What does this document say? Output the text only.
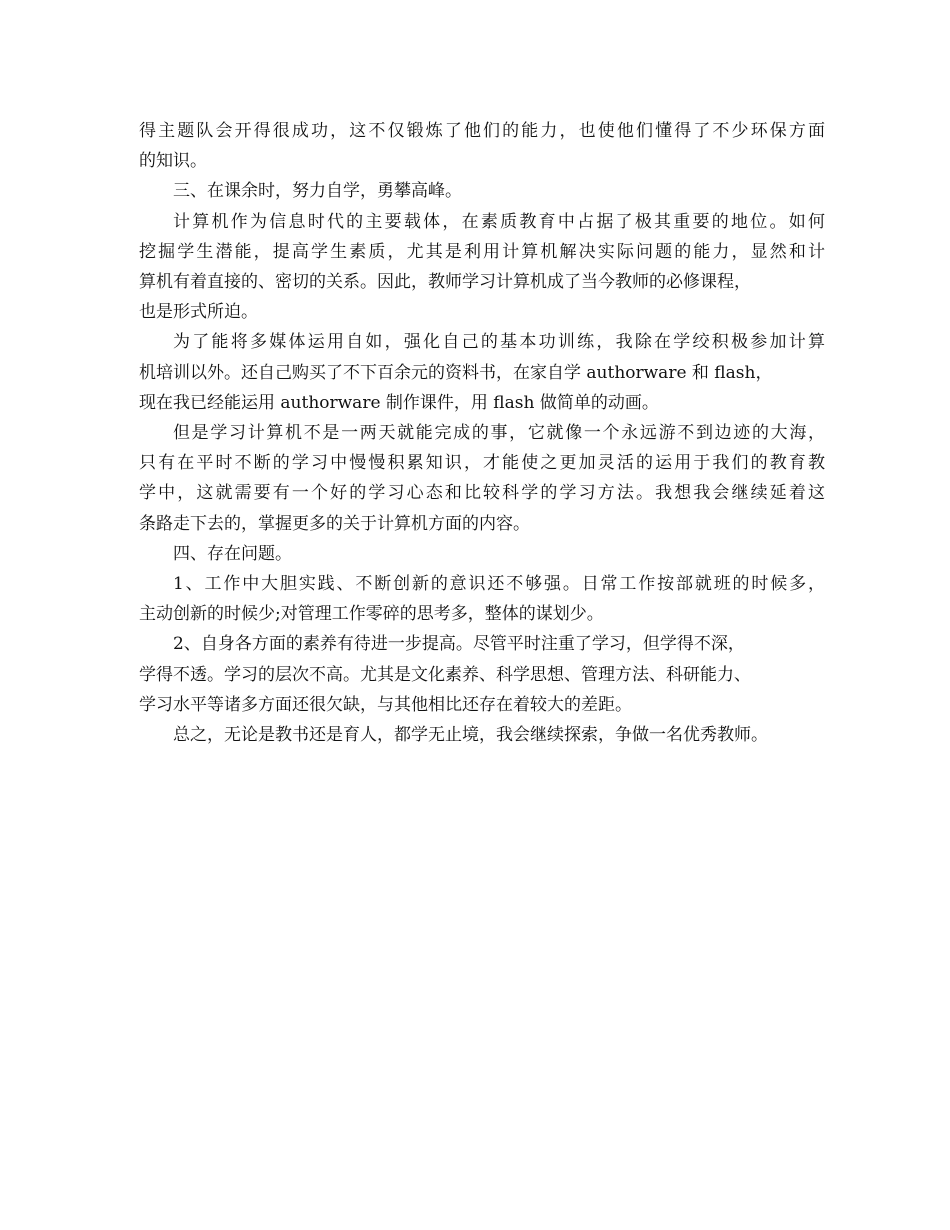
得主题队会开得很成功，这不仅锻炼了他们的能力，也使他们懂得了不少环保方面
的知识。

三、在课余时，努力自学，勇攀高峰。

计算机作为信息时代的主要载体，在素质教育中占据了极其重要的地位。如何
挖掘学生潜能，提高学生素质，尤其是利用计算机解决实际问题的能力，显然和计
算机有着直接的、密切的关系。因此，教师学习计算机成了当今教师的必修课程，
也是形式所迫。

为了能将多媒体运用自如，强化自己的基本功训练，我除在学绞积极参加计算
机培训以外。还自己购买了不下百余元的资料书，在家自学 authorware 和 flash，
现在我已经能运用 authorware 制作课件，用 flash 做简单的动画。

但是学习计算机不是一两天就能完成的事，它就像一个永远游不到边迹的大海，
只有在平时不断的学习中慢慢积累知识，才能使之更加灵活的运用于我们的教育教
学中，这就需要有一个好的学习心态和比较科学的学习方法。我想我会继续延着这
条路走下去的，掌握更多的关于计算机方面的内容。

四、存在问题。

1、工作中大胆实践、不断创新的意识还不够强。日常工作按部就班的时候多，
主动创新的时候少;对管理工作零碎的思考多，整体的谋划少。

2、自身各方面的素养有待进一步提高。尽管平时注重了学习，但学得不深，
学得不透。学习的层次不高。尤其是文化素养、科学思想、管理方法、科研能力、
学习水平等诸多方面还很欠缺，与其他相比还存在着较大的差距。

总之，无论是教书还是育人，都学无止境，我会继续探索，争做一名优秀教师。
